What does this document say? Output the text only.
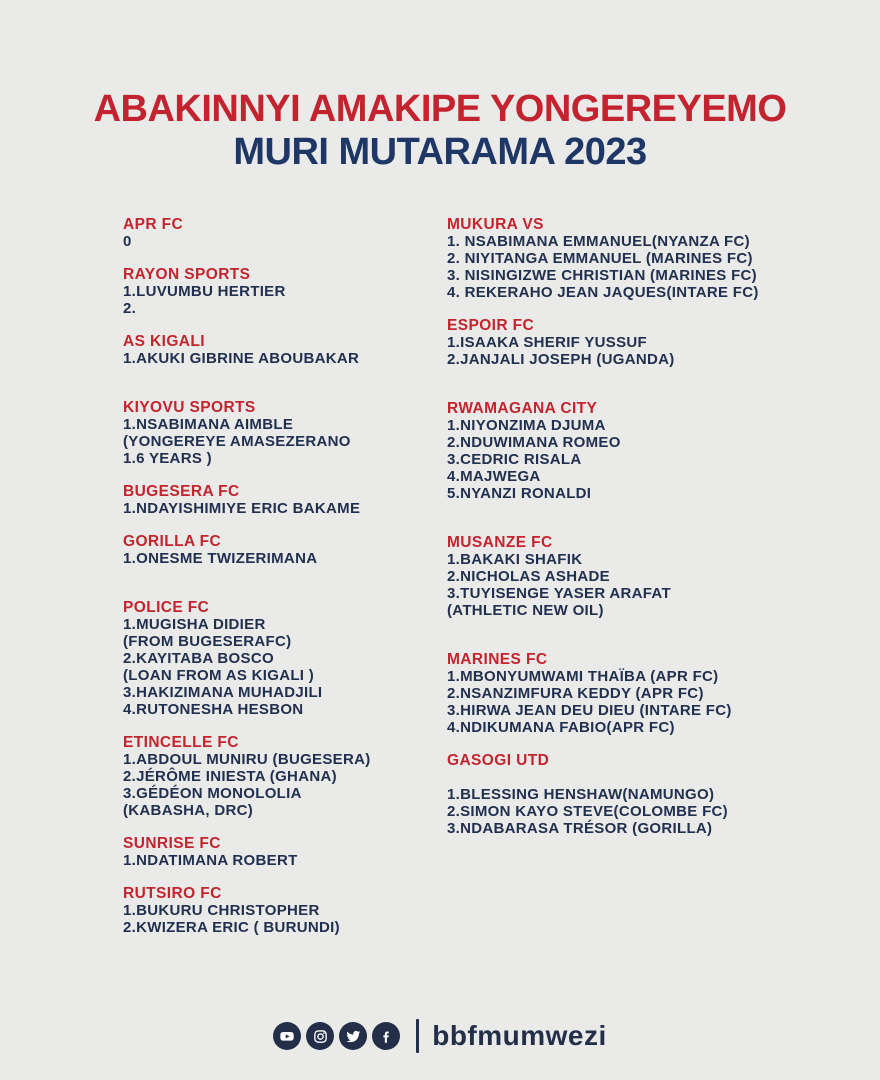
ABAKINNYI AMAKIPE YONGEREYEMO
MURI MUTARAMA 2023
APR FC
0
RAYON SPORTS
1.LUVUMBU HERTIER
2.
AS KIGALI
1.AKUKI GIBRINE ABOUBAKAR
KIYOVU SPORTS
1.NSABIMANA AIMBLE
(YONGEREYE AMASEZERANO
1.6 YEARS )
BUGESERA FC
1.NDAYISHIMIYE ERIC BAKAME
GORILLA FC
1.ONESME TWIZERIMANA
POLICE FC
1.MUGISHA DIDIER
(FROM BUGESERAFC)
2.KAYITABA BOSCO
(LOAN FROM AS KIGALI )
3.HAKIZIMANA MUHADJILI
4.RUTONESHA HESBON
ETINCELLE FC
1.ABDOUL MUNIRU (BUGESERA)
2.JÉRÔME INIESTA (GHANA)
3.GÉDÉON MONOLOLIA
(KABASHA, DRC)
SUNRISE FC
1.NDATIMANA ROBERT
RUTSIRO FC
1.BUKURU CHRISTOPHER
2.KWIZERA ERIC ( BURUNDI)
MUKURA VS
1. NSABIMANA EMMANUEL(NYANZA FC)
2. NIYITANGA EMMANUEL (MARINES FC)
3. NISINGIZWE CHRISTIAN (MARINES FC)
4. REKERAHO JEAN JAQUES(INTARE FC)
ESPOIR FC
1.ISAAKA SHERIF YUSSUF
2.JANJALI JOSEPH (UGANDA)
RWAMAGANA CITY
1.NIYONZIMA DJUMA
2.NDUWIMANA ROMEO
3.CEDRIC RISALA
4.MAJWEGA
5.NYANZI RONALDI
MUSANZE FC
1.BAKAKI SHAFIK
2.NICHOLAS ASHADE
3.TUYISENGE YASER ARAFAT
(ATHLETIC NEW OIL)
MARINES FC
1.MBONYUMWAMI THAÏBA (APR FC)
2.NSANZIMFURA KEDDY (APR FC)
3.HIRWA JEAN DEU DIEU (INTARE FC)
4.NDIKUMANA FABIO(APR FC)
GASOGI UTD
1.BLESSING HENSHAW(NAMUNGO)
2.SIMON KAYO STEVE(COLOMBE FC)
3.NDABARASA TRÉSOR (GORILLA)
bbfmumwezi
